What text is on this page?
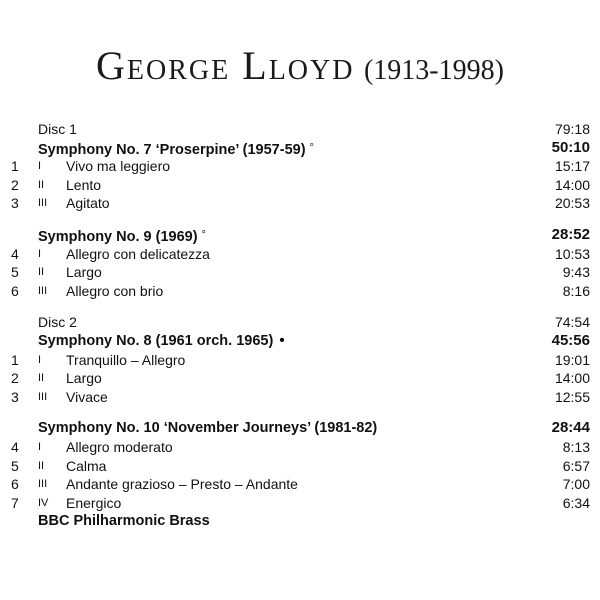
George Lloyd (1913-1998)
Disc 1	79:18
Symphony No. 7 ‘Proserpine’ (1957-59) °	50:10
1	I Vivo ma leggiero	15:17
2	II Lento	14:00
3	III Agitato	20:53
Symphony No. 9 (1969) °	28:52
4	I Allegro con delicatezza	10:53
5	II Largo	9:43
6	III Allegro con brio	8:16
Disc 2	74:54
Symphony No. 8 (1961 orch. 1965) •	45:56
1	I Tranquillo – Allegro	19:01
2	II Largo	14:00
3	III Vivace	12:55
Symphony No. 10 ‘November Journeys’ (1981-82)	28:44
4	I Allegro moderato	8:13
5	II Calma	6:57
6	III Andante grazioso – Presto – Andante	7:00
7	IV Energico	6:34
BBC Philharmonic Brass
